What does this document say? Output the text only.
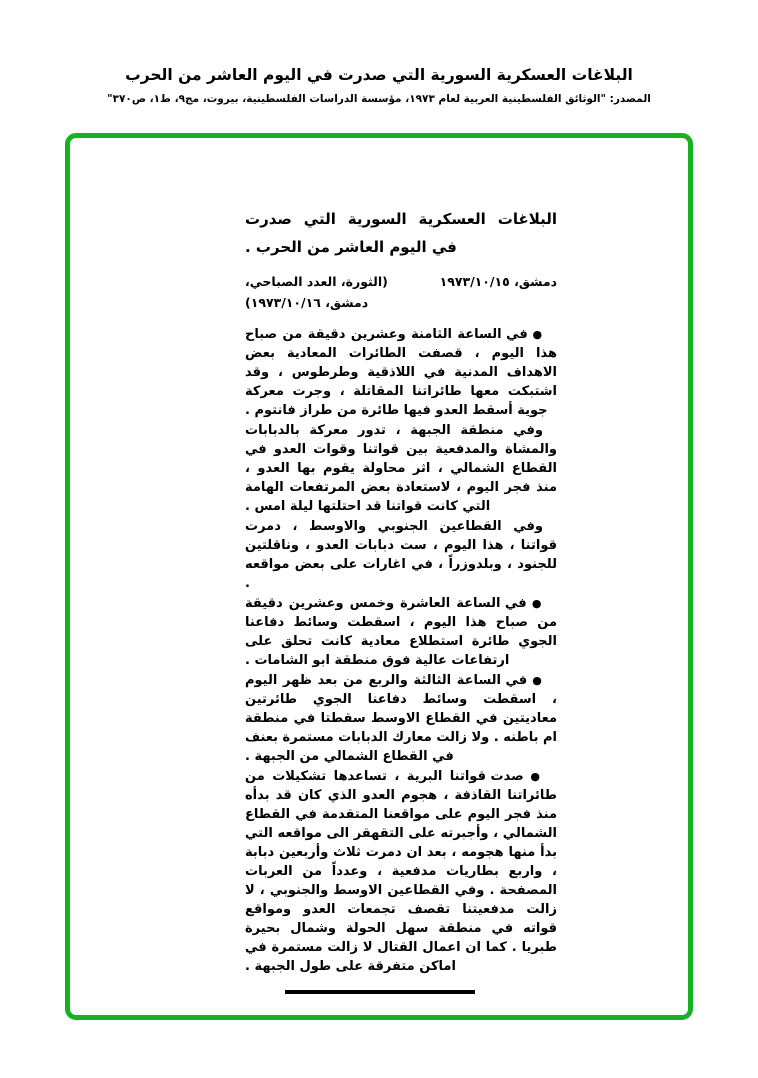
البلاغات العسكرية السورية التي صدرت في اليوم العاشر من الحرب
المصدر: "الوثائق الفلسطينية العربية لعام ١٩٧٣، مؤسسة الدراسات الفلسطينية، بيروت، مج٩، ط١، ص٣٧٠"
البلاغات العسكرية السورية التي صدرت في اليوم العاشر من الحرب .
دمشق، ١٩٧٣/١٠/١٥
(الثورة، العدد الصباحي،
دمشق، ١٩٧٣/١٠/١٦)

● في الساعة الثامنة وعشرين دقيقة من صباح هذا اليوم ، قصفت الطائرات المعادية بعض الاهداف المدنية في اللاذقية وطرطوس ، وقد اشتبكت معها طائراتنا المقاتلة ، وجرت معركة جوية أسقط العدو فيها طائرة من طراز فانتوم .

وفي منطقة الجبهة ، تدور معركة بالدبابات والمشاة والمدفعية بين قواتنا وقوات العدو في القطاع الشمالي ، اثر محاولة يقوم بها العدو ، منذ فجر اليوم ، لاستعادة بعض المرتفعات الهامة التي كانت قواتنا قد احتلتها ليلة امس .

وفي القطاعين الجنوبي والاوسط ، دمرت قواتنا ، هذا اليوم ، ست دبابات العدو ، وناقلتين للجنود ، وبلدوزراً ، في اغارات على بعض مواقعه .

● في الساعة العاشرة وخمس وعشرين دقيقة من صباح هذا اليوم ، اسقطت وسائط دفاعنا الجوي طائرة استطلاع معادية كانت تحلق على ارتفاعات عالية فوق منطقة ابو الشامات .

● في الساعة الثالثة والربع من بعد ظهر اليوم ، اسقطت وسائط دفاعنا الجوي طائرتين معاديتين في القطاع الاوسط سقطتا في منطقة ام باطنه . ولا زالت معارك الدبابات مستمرة بعنف في القطاع الشمالي من الجبهة .

● صدت قواتنا البرية ، تساعدها تشكيلات من طائراتنا القاذفة ، هجوم العدو الذي كان قد بدأه منذ فجر اليوم على مواقعنا المتقدمة في القطاع الشمالي ، وأجبرته على التقهقر الى مواقعه التي بدأ منها هجومه ، بعد ان دمرت ثلاث وأربعين دبابة ، واربع بطاريات مدفعية ، وعدداً من العربات المصفحة . وفي القطاعين الاوسط والجنوبي ، لا زالت مدفعيتنا تقصف تجمعات العدو ومواقع قواته في منطقة سهل الحولة وشمال بحيرة طبريا . كما ان اعمال القتال لا زالت مستمرة في اماكن متفرقة على طول الجبهة .
